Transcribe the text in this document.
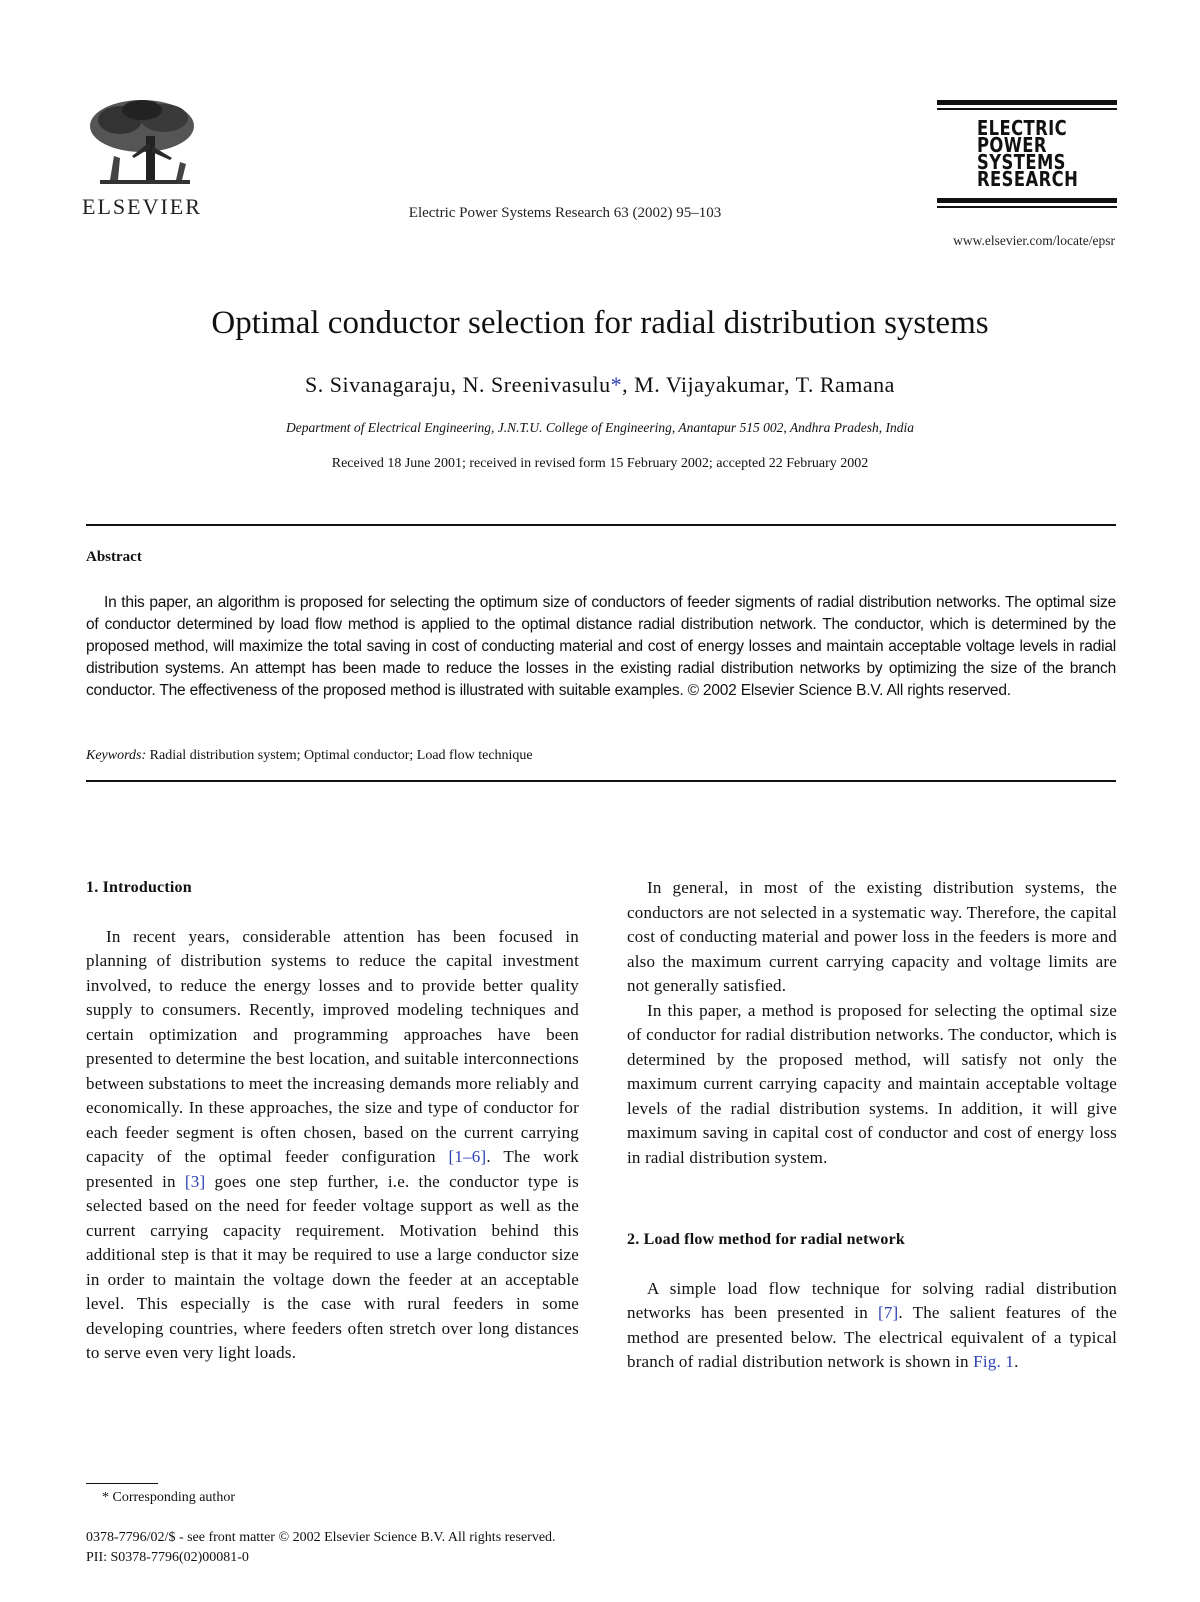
ELSEVIER	Electric Power Systems Research 63 (2002) 95–103
ELECTRIC
POWER
SYSTEMS
RESEARCH
www.elsevier.com/locate/epsr
Optimal conductor selection for radial distribution systems
S. Sivanagaraju, N. Sreenivasulu*, M. Vijayakumar, T. Ramana
Department of Electrical Engineering, J.N.T.U. College of Engineering, Anantapur 515 002, Andhra Pradesh, India
Received 18 June 2001; received in revised form 15 February 2002; accepted 22 February 2002
Abstract
In this paper, an algorithm is proposed for selecting the optimum size of conductors of feeder sigments of radial distribution networks. The optimal size of conductor determined by load flow method is applied to the optimal distance radial distribution network. The conductor, which is determined by the proposed method, will maximize the total saving in cost of conducting material and cost of energy losses and maintain acceptable voltage levels in radial distribution systems. An attempt has been made to reduce the losses in the existing radial distribution networks by optimizing the size of the branch conductor. The effectiveness of the proposed method is illustrated with suitable examples. © 2002 Elsevier Science B.V. All rights reserved.
Keywords: Radial distribution system; Optimal conductor; Load flow technique
1. Introduction

In recent years, considerable attention has been focused in planning of distribution systems to reduce the capital investment involved, to reduce the energy losses and to provide better quality supply to consumers. Recently, improved modeling techniques and certain optimization and programming approaches have been presented to determine the best location, and suitable interconnections between substations to meet the increasing demands more reliably and economically. In these approaches, the size and type of conductor for each feeder segment is often chosen, based on the current carrying capacity of the optimal feeder configuration [1–6]. The work presented in [3] goes one step further, i.e. the conductor type is selected based on the need for feeder voltage support as well as the current carrying capacity requirement. Motivation behind this additional step is that it may be required to use a large conductor size in order to maintain the voltage down the feeder at an acceptable level. This especially is the case with rural feeders in some developing countries, where feeders often stretch over long distances to serve even very light loads.

In general, in most of the existing distribution systems, the conductors are not selected in a systematic way. Therefore, the capital cost of conducting material and power loss in the feeders is more and also the maximum current carrying capacity and voltage limits are not generally satisfied.

In this paper, a method is proposed for selecting the optimal size of conductor for radial distribution networks. The conductor, which is determined by the proposed method, will satisfy not only the maximum current carrying capacity and maintain acceptable voltage levels of the radial distribution systems. In addition, it will give maximum saving in capital cost of conductor and cost of energy loss in radial distribution system.

2. Load flow method for radial network

A simple load flow technique for solving radial distribution networks has been presented in [7]. The salient features of the method are presented below. The electrical equivalent of a typical branch of radial distribution network is shown in Fig. 1.

* Corresponding author
0378-7796/02/$ - see front matter © 2002 Elsevier Science B.V. All rights reserved.
PII: S0378-7796(02)00081-0
